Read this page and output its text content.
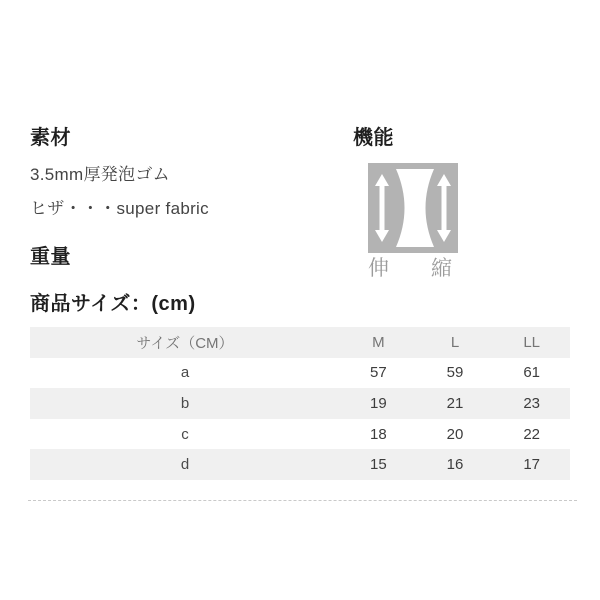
素材
3.5mm厚発泡ゴム
ヒザ・・・super fabric
機能
伸 縮
重量
商品サイズ：(cm)
サイズ（CM）	M	L	LL
a	57	59	61
b	19	21	23
c	18	20	22
d	15	16	17
